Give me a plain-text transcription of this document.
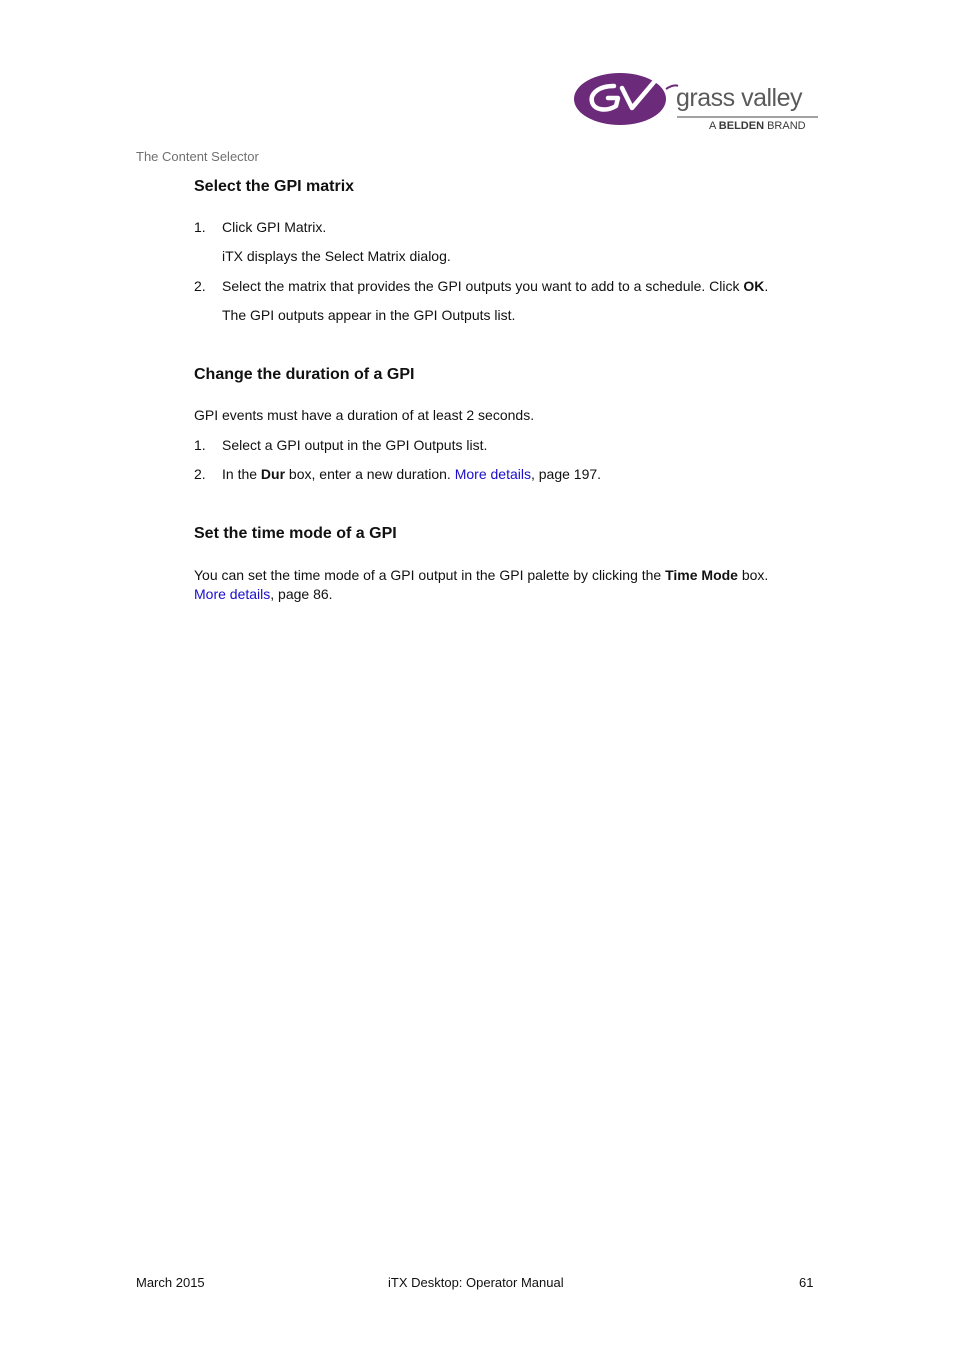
grass valley
A BELDEN BRAND
The Content Selector
Select the GPI matrix
1. Click GPI Matrix.
iTX displays the Select Matrix dialog.
2. Select the matrix that provides the GPI outputs you want to add to a schedule. Click OK.
The GPI outputs appear in the GPI Outputs list.
Change the duration of a GPI
GPI events must have a duration of at least 2 seconds.
1. Select a GPI output in the GPI Outputs list.
2. In the Dur box, enter a new duration. More details, page 197.
Set the time mode of a GPI
You can set the time mode of a GPI output in the GPI palette by clicking the Time Mode box.
More details, page 86.
March 2015	iTX Desktop: Operator Manual	61
